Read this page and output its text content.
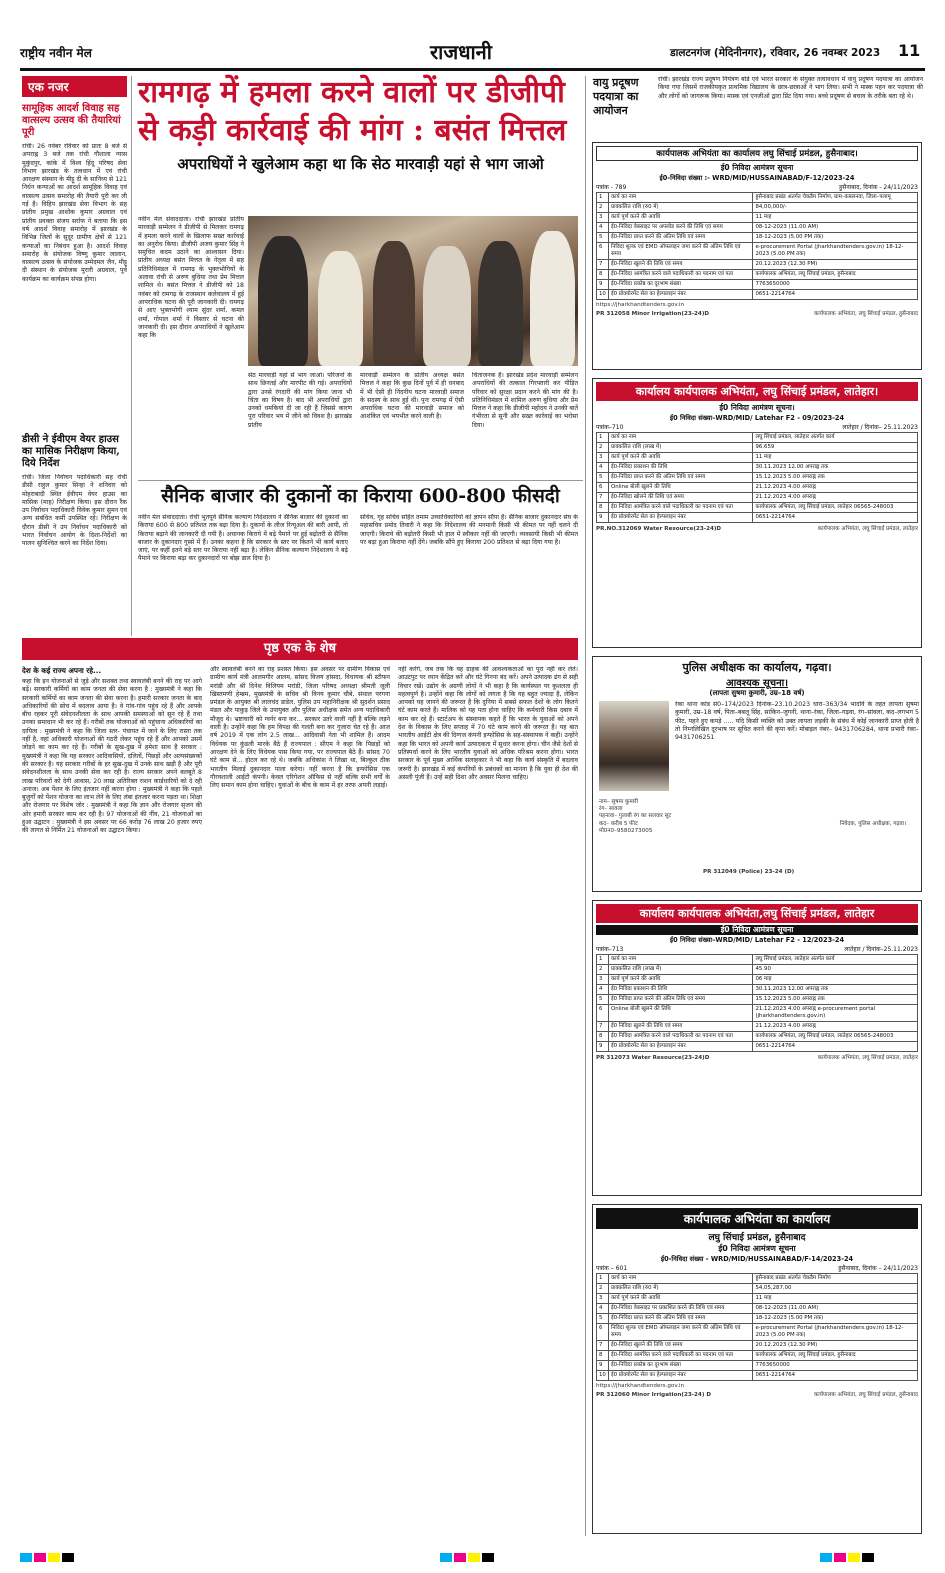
राष्ट्रीय नवीन मेल	राजधानी	डालटनगंज (मेदिनीनगर), रविवार, 26 नवम्बर 2023 11
एक नजर
सामूहिक आदर्श विवाह सह वात्सल्य उत्सव की तैयारियां पूरी
रांची। 26 नवंबर रविवार को प्रातः 8 बजे से अपराह्न 3 बजे तक रांची गौशाला न्यास मुकुंदपुर, कांके में विश्व हिंदू परिषद सेवा विभाग झारखंड के तत्वधान में एवं रांची आरक्षण संस्थान के मीट्टू दी के सानिध्य से 121 निर्धन कन्याओं का आदर्श सामूहिक विवाह एवं वात्सल्य उत्सव समारोह की तैयारी पूरी कर ली गई है। विहिप झारखंड सेवा विभाग के सह प्रांतीय प्रमुख आशोक कुमार अग्रवाल एवं प्रांतीय प्रवक्ता संजय सर्राफ ने बताया कि इस वर्ष आदर्श विवाह समारोह में झारखंड के विभिन्न जिलों के सुदूर ग्रामीण क्षेत्रों से 121 कन्याओं का निबंधन हुआ है। आदर्श विवाह समारोह के संयोजक विष्णु कुमार जालान, वात्सल्य उत्सव के संयोजक उम्मेदमल जैन, मीट्टू दी संस्थान के संयोजक मुरारी अग्रवाल, पूर्व कार्यक्रम का कार्यक्रम संपन्न होगा।
डीसी ने ईवीएम वेयर हाउस का मासिक निरीक्षण किया, दिये निर्देश
रांची। जिला निर्वाचन पदाधिकारी सह रांची डीसी राहुल कुमार सिन्हा ने शनिवार को मोहराबादी स्थित ईवीएम वेयर हाउस का मासिक (माह) निरीक्षण किया। इस दौरान रैंक उप निर्वाचन पदाधिकारी विवेक कुमार सुमन एवं अन्य संबंधित कर्मी उपस्थित रहे। निरीक्षण के दौरान डीसी ने उप निर्वाचन पदाधिकारी को भारत निर्वाचन आयोग के दिशा-निर्देशों का पालन सुनिश्चित करने का निर्देश दिया।
रामगढ़ में हमला करने वालों पर डीजीपी से कड़ी कार्रवाई की मांग : बसंत मित्तल
अपराधियों ने खुलेआम कहा था कि सेठ मारवाड़ी यहां से भाग जाओ
नवीन मेल संवाददाता। रांची झारखंड प्रांतीय मारवाड़ी सम्मेलन ने डीजीपी से मिलकर रामगढ़ में हमला करने वालों के खिलाफ सख्त कार्रवाई का अनुरोध किया। डीजीपी अजय कुमार सिंह ने समुचित कदम उठाने का आश्वासन दिया। प्रांतीय अध्यक्ष बसंत मित्तल के नेतृत्व में सह प्रतिनिधिमंडल में रामगढ़ के भुक्तभोगियों के अलावा रांची से अरुण बुधिया तथा प्रेम मित्तल शामिल थे। बसंत मित्तल ने डीजीपी को 18 नवंबर को रामगढ़ के राजस्थान कलेवालय में हुई आपराधिक घटना की पूरी जानकारी दी। रामगढ़ से आए भुक्तभोगी श्याम सुंदर शर्मा, कमल शर्मा, गोपाल शर्मा ने विस्तार से घटना की जानकारी दी। इस दौरान अपराधियों ने खुलेआम कहा कि
सेठ मारवाड़ी यहां से भाग जाओ। परिजनों के साथ छिनतई और मारपीट की गई। अपराधियों द्वारा उनसे रंगदारी की मांग किया जाना भी चिंता का विषय है। बाद भी अपराधियों द्वारा उनको धमकियां दी जा रही हैं जिससे कारण पूरा परिवार भय में जीने को विवश है। झारखंड प्रांतीय
मारवाड़ी सम्मेलन के प्रांतीय अध्यक्ष बसंत मित्तल ने कहा कि कुछ दिनों पूर्व में ही धनबाद में भी ऐसी ही निंदनीय घटना मारवाड़ी समाज के सदस्य के साथ हुई थी। पुनः रामगढ़ में ऐसी अपराधिक घटना की मारवाड़ी समाज को आशंकित एवं भयभीत करने वाली है।
चिंताजनक है। झारखंड प्रदेश मारवाड़ी सम्मेलन अपराधियों की तत्काल गिरफ्तारी कर पीड़ित परिवार को सुरक्षा प्रदान करने की मांग की है। प्रतिनिधिमंडल में शामिल अरुण बुधिया और प्रेम मित्तल ने कहा कि डीजीपी महोदय ने उनकी बातें गंभीरता से सुनी और सख्त कार्रवाई का भरोसा दिया।
सैनिक बाजार की दुकानों का किराया 600-800 फीसदी
नवीन मेल संवाददाता। रांची भुतपूर्व सैनिक कल्याण निदेशालय ने सैनिक बाजार की दुकानों का किराया 600 से 800 प्रतिशत तक बढ़ा दिया है। दुकानों के लीज रिन्यूअल की बारी आयी, तो किराया बढ़ाने की जानकारी दी गयी है। अचानक किराये में बढ़े पैमाने पर हुई बढ़ोतरी से सैनिक बाजार के दुकानदार गुस्से में हैं। उनका कहना है कि सरकार के स्तर पर कितने भी कार्य बताए जाएं, पर कहीं इतने बड़े स्तर पर किराया नहीं बढ़ा है। लेकिन सैनिक कल्याण निदेशालय ने बढ़े पैमाने पर किराया बढ़ा कर दुकानदारों पर बोझ डाल दिया है।
सचिव, गृह सचिव सहित तमाम उच्चाधिकारियों को ज्ञापन सौंपा है। सैनिक बाजार दुकानदार संघ के महासचिव प्रमोद तिवारी ने कहा कि निदेशालय की मनमानी किसी भी कीमत पर नहीं चलने दी जाएगी। किराये की बढ़ोतरी किसी भी हाल में स्वीकार नहीं की जाएगी। व्यवसायी किसी भी कीमत पर बढ़ा हुआ किराया नहीं देंगे। जबकि सौंपे हुए किराया 200 प्रतिशत से बढ़ा दिया गया है।
पृष्ठ एक के शेष
देश के कई राज्य अपना रहे...
कहा कि इन योजनाओं से जुड़े और सशक्त तथा स्वावलंबी बनने की राह पर आगे बढ़ें। सरकारी कर्मियों का काम जनता की सेवा करना है : मुख्यमंत्री ने कहा कि सरकारी कर्मियों का काम जनता की सेवा करना है। हमारी सरकार जनता के बाद अधिकारियों की सोच में बदलाव आया है। वे गांव-गांव पहुंच रहे हैं और आपके बीच रहकर पूरी संवेदनशीलता के साथ आपकी समस्याओं को सुन रहे हैं तथा उनका समाधान भी कर रहे हैं। गरीबों तक योजनाओं को पहुंचाना अधिकारियों का दायित्व : मुख्यमंत्री ने कहा कि जिला स्तर- पंचायत में जाने के लिए रास्ता तक नहीं है, वहां अधिकारी योजनाओं की गठरी लेकर पहुंच रहे हैं और आपको उसमें जोड़ने का काम कर रहे हैं। गरीबों के सुख-दुख में हमेशा साथ है सरकार : मुख्यमंत्री ने कहा कि यह सरकार आदिवासियों, दलितों, पिछड़ों और अल्पसंख्यकों की सरकार है। यह सरकार गरीबों के हर सुख-दुख में उनके साथ खड़ी है और पूरी संवेदनशीलता के साथ उनकी सेवा कर रही है। राज्य सरकार अपने बलबूते 8 लाख परिवारों को देगी आवास, 20 लाख अतिरिक्त राशन कार्डधारियों को दे रही अनाज। अब पेंशन के लिए इंतजार नहीं करना होगा : मुख्यमंत्री ने कहा कि पहले बुजुर्गों को पेंशन योजना का लाभ लेने के लिए लंबा इंतजार करना पड़ता था। शिक्षा और रोजगार पर विशेष जोर : मुख्यमंत्री ने कहा कि ज्ञान और रोजगार सृजन की ओर हमारी सरकार काम कर रही है। 97 योजनाओं की नींव, 21 योजनाओं का हुआ उद्घाटन : मुख्यमंत्री ने इस अवसर पर 66 करोड़ 76 लाख 20 हजार रुपए की लागत से निर्मित 21 योजनाओं का उद्घाटन किया।
और स्वावलंबी बनने का राह प्रशस्त किया। इस अवसर पर ग्रामीण विकास एवं ग्रामीण कार्य मंत्री आलमगीर आलम, सांसद विजय हांसदा, विधायक श्री स्टीफन मरांडी और श्री दिनेश विलियम मरांडी, जिला परिषद अध्यक्षा श्रीमती जूली खिस्तमणी हेम्ब्रम, मुख्यमंत्री के सचिव श्री विनय कुमार चौबे, संथाल परगना प्रमंडल के आयुक्त श्री लालचंद डाडेल, पुलिस उप महानिरीक्षक श्री सुदर्शन प्रसाद मंडल और पाकुड़ जिले के उपायुक्त और पुलिस अधीक्षक समेत अन्य पदाधिकारी मौजूद थे। भ्रष्टाचारी को ग्वर्नर बना कर... सरकार उतरे वाली नहीं है बल्कि लड़ने वाली है। उन्होंने कहा कि हम विपक्ष की गलती बना कर गुजारा चेत रहे हैं। आज वर्ष 2019 में एक लोग 2.5 लाख... आदिवासी नेता भी शामिल हैं। आदम विधेयक पर कुंडली मारके बैठे हैं राज्यपाल : सीएम ने कहा कि पिछड़ों को आरक्षण देने के लिए विधेयक पास किया गया, पर राज्यपाल बैठे हैं। सांसद 70 घंटे काम से... होटल कर रहे थे। जबकि अधिकांश ने लिखा था, बिल्कुल ठीक भारतीय मिलाई दुकानदार पाला करेगा। नहीं करना है कि इन्फोसिस एक गौरवशाली आईटी कंपनी। केवल एरिगेशन ऑफिस से नहीं बल्कि सभी वर्गों के लिए समान काम होना चाहिए। युवाओं के बीच के काम में हर तरफ अपनी लड़ाई।
नहीं करेंगे, जब तक कि वह ग्राहक की आवश्यकताओं का पूरा नहीं कर लेते। आउटपुट पर ध्यान केंद्रित करें और घंटे गिनना बंद करें। अपने उत्पादक ढंग से सही विचार रखें। उद्योग के अग्रणी लोगों ने भी कहा है कि कार्यस्थल पर कुशलता ही महत्वपूर्ण है। उन्होंने कहा कि लोगों को लगता है कि यह बहुत ज्यादा है, लेकिन आपको यह जानने की जरूरत है कि दुनिया में सबसे सफल देशों के लोग कितने घंटे काम करते हैं। मालिक को यह पता होना चाहिए कि कर्मचारी किस दबाव में काम कर रहे हैं। स्टार्टअप के संस्थापक कहते हैं कि भारत के युवाओं को अपने देश के विकास के लिए सप्ताह में 70 घंटे काम करने की जरूरत है। यह बात भारतीय आईटी क्षेत्र की दिग्गज कंपनी इन्फोसिस के सह-संस्थापक ने कही। उन्होंने कहा कि भारत को अपनी कार्य उत्पादकता में सुधार करना होगा। चीन जैसे देशों से प्रतिस्पर्धा करने के लिए भारतीय युवाओं को अधिक परिश्रम करना होगा। भारत सरकार के पूर्व मुख्य आर्थिक सलाहकार ने भी कहा कि कार्य संस्कृति में बदलाव जरूरी है। झारखंड में कई कंपनियों के प्रबंधकों का मानना है कि युवा ही देश की असली पूंजी हैं। उन्हें सही दिशा और अवसर मिलना चाहिए।
वायु प्रदूषण पदयात्रा का आयोजन
रांची। झारखंड राज्य प्रदूषण नियंत्रण बोर्ड एवं भारत सरकार के संयुक्त तत्वावधान में वायु प्रदूषण पदयात्रा का आयोजन किया गया जिसमें राजकीयकृत प्राथमिक विद्यालय के छात्र-छात्राओं ने भाग लिया। सभी ने मास्क पहन कर पदयात्रा की और लोगों को जागरूक किया। मास्क एवं एनजीओ द्वारा प्रिंट दिया गया। बच्चे प्रदूषण से बचाव के तरीके बता रहे थे।
कार्यपालक अभियंता का कार्यालय लघु सिंचाई प्रमंडल, हुसैनाबाद।
ई0 निविदा आमंत्रण सूचना
ई0-निविदा संख्या :- WRD/MID/HUSSAINABAD/F-12/2023-24
पत्रांक - 789	हुसैनाबाद, दिनांक - 24/11/2023
1	कार्य का नाम	हुसैनाबाद प्रखंड अंतर्गत चेकडैम निर्माण, ग्राम–कबलनवा, जिला–पलामू
2	प्राक्कलित राशि (रु0 में)	84,00,000/-
3	कार्य पूर्ण करने की अवधि	11 माह
4	ई0-निविदा वेबसाइट पर अपलोड करने की तिथि एवं समय	08-12-2023 (11.00 AM)
5	ई0-निविदा प्राप्त करने की अंतिम तिथि एवं समय	18-12-2023 (5.00 PM तक)
6	निविदा शुल्क एवं EMD ऑफलाइन जमा करने की अंतिम तिथि एवं समय	e-procurement Portal (jharkhandtenders.gov.in) 18-12-2023 (5.00 PM तक)
7	ई0-निविदा खुलने की तिथि एवं समय	20.12.2023 (12.30 PM)
8	ई0-निविदा आमंत्रित करने वाले पदाधिकारी का पदनाम एवं पता	कार्यपालक अभियंता, लघु सिंचाई प्रमंडल, हुसैनाबाद
9	ई0-निविदा प्रकोष्ठ का दूरभाष संख्या	7763650000
10	ई0 प्रोक्योरमेंट सेल का हेल्पलाइन नंबर	0651-2214764
https://jharkhandtenders.gov.in
PR 312058 Minor Irrigation(23-24)D	कार्यपालक अभियंता, लघु सिंचाई प्रमंडल, हुसैनाबाद
कार्यालय कार्यपालक अभियंता, लघु सिंचाई प्रमंडल, लातेहार।
ई0 निविदा आमंत्रण सूचना।
ई0 निविदा संख्या–WRD/MID/ Latehar F2 - 09/2023-24
पत्रांक–710	लातेहार / दिनांक– 25.11.2023
1	कार्य का नाम	लघु सिंचाई प्रमंडल, लातेहार अंतर्गत कार्य
2	प्राक्कलित राशि (लाख में)	96.659
3	कार्य पूर्ण करने की अवधि	11 माह
4	ई0-निविदा प्रकाशन की तिथि	30.11.2023 12.00 अपराह्न तक
5	ई0-निविदा प्राप्त करने की अंतिम तिथि एवं समय	15.12.2023 5.00 अपराह्न तक
6	Online बोली खुलने की तिथि	21.12.2023 4.00 अपराह्न
7	ई0-निविदा खोलने की तिथि एवं समय	21.12.2023 4.00 अपराह्न
8	ई0 निविदा आमंत्रित करने वाले पदाधिकारी का पदनाम एवं पता	कार्यपालक अभियंता, लघु सिंचाई प्रमंडल, लातेहार 06565-248003
9	ई0 प्रोक्योरमेंट सेल का हेल्पलाइन नंबर	0651-2214764
PR.NO.312069 Water Resource(23-24)D	कार्यपालक अभियंता, लघु सिंचाई प्रमंडल, लातेहार
पुलिस अधीक्षक का कार्यालय, गढ़वा।
आवश्यक सूचना।
(लापता सुषमा कुमारी, उम्र–18 वर्ष)
रंका थाना कांड सं0–174/2023 दिनांक–23.10.2023 धारा–363/34 भादवि के तहत लापता सुषमा कुमारी, उम्र–18 वर्ष, पिता–बबलू सिंह, साकिन–जुगनी, थाना–रंका, जिला–गढ़वा, रंग–सांवला, कद–लगभग 5 फीट, पहने हुए कपड़े ..... यदि किसी व्यक्ति को उक्त लापता लड़की के संबंध में कोई जानकारी प्राप्त होती है तो निम्नलिखित दूरभाष पर सूचित करने की कृपा करें। मोबाइल नंबर– 9431706284, थाना प्रभारी रंका– 9431706251
नाम– सुषमा कुमारी
रंग– सावला
पहनावा– गुलाबी रंग का सलवार सूट
कद– करीब 5 फीट
मो0न0–9580273005
निवेदक, पुलिस अधीक्षक, गढ़वा।
PR 312049 (Police) 23-24 (D)
कार्यालय कार्यपालक अभियंता,लघु सिंचाई प्रमंडल, लातेहार
ई0 निविदा आमंत्रण सूचना
ई0 निविदा संख्या–WRD/MID/ Latehar F2 - 12/2023-24
पत्रांक–713	लातेहार / दिनांक–25.11.2023
1	कार्य का नाम	लघु सिंचाई प्रमंडल, लातेहार अंतर्गत कार्य
2	प्राक्कलित राशि (लाख में)	45.90
3	कार्य पूर्ण करने की अवधि	06 माह
4	ई0 निविदा प्रकाशन की तिथि	30.11.2023 12.00 अपराह्न तक
5	ई0 निविदा प्राप्त करने की अंतिम तिथि एवं समय	15.12.2023 5.00 अपराह्न तक
6	Online बोली खुलने की तिथि	21.12.2023 4.00 अपराह्न e-procurement portal (jharkhandtenders.gov.in)
7	ई0 निविदा खुलने की तिथि एवं समय	21.12.2023 4.00 अपराह्न
8	ई0 निविदा आमंत्रित करने वाले पदाधिकारी का पदनाम एवं पता	कार्यपालक अभियंता, लघु सिंचाई प्रमंडल, लातेहार 06565-248003
9	ई0 प्रोक्योरमेंट सेल का हेल्पलाइन नंबर	0651-2214764
PR 312073 Water Resource(23-24)D	कार्यपालक अभियंता, लघु सिंचाई प्रमंडल, लातेहार
कार्यपालक अभियंता का कार्यालय
लघु सिंचाई प्रमंडल, हुसैनाबाद
ई0 निविदा आमंत्रण सूचना
ई0-निविदा संख्या - WRD/MID/HUSSAINABAD/F-14/2023-24
पत्रांक – 601	हुसैनाबाद, दिनांक – 24/11/2023
1	कार्य का नाम	हुसैनाबाद प्रखंड अंतर्गत चेकडैम निर्माण
2	प्राक्कलित राशि (रु0 में)	54,05,287.00
3	कार्य पूर्ण करने की अवधि	11 माह
4	ई0-निविदा वेबसाइट पर प्रकाशित करने की तिथि एवं समय	08-12-2023 (11.00 AM)
5	ई0-निविदा प्राप्त करने की अंतिम तिथि एवं समय	18-12-2023 (5.00 PM तक)
6	निविदा शुल्क एवं EMD ऑफलाइन जमा करने की अंतिम तिथि एवं समय	e-procurement Portal (jharkhandtenders.gov.in) 18-12-2023 (5.00 PM तक)
7	ई0-निविदा खुलने की तिथि एवं समय	20.12.2023 (12.30 PM)
8	ई0-निविदा आमंत्रित करने वाले पदाधिकारी का पदनाम एवं पता	कार्यपालक अभियंता, लघु सिंचाई प्रमंडल, हुसैनाबाद
9	ई0-निविदा प्रकोष्ठ का दूरभाष संख्या	7763650000
10	ई0 प्रोक्योरमेंट सेल का हेल्पलाइन नंबर	0651-2214764
https://jharkhandtenders.gov.in
PR 312060 Minor Irrigation(23-24) D	कार्यपालक अभियंता, लघु सिंचाई प्रमंडल, हुसैनाबाद
